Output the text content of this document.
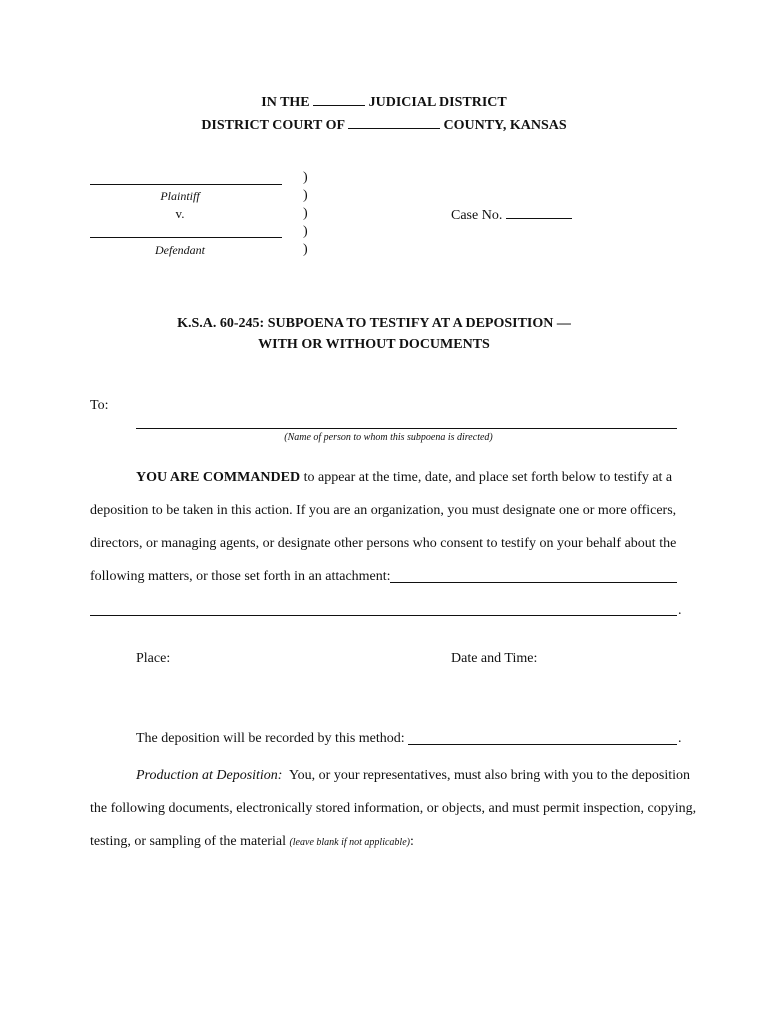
IN THE	JUDICIAL DISTRICT
DISTRICT COURT OF	COUNTY, KANSAS
Plaintiff
v.
Defendant
)
)
)
)
)
Case No.
K.S.A. 60-245: SUBPOENA TO TESTIFY AT A DEPOSITION —
WITH OR WITHOUT DOCUMENTS
To:
(Name of person to whom this subpoena is directed)
YOU ARE COMMANDED to appear at the time, date, and place set forth below to testify at a
deposition to be taken in this action. If you are an organization, you must designate one or more officers,
directors, or managing agents, or designate other persons who consent to testify on your behalf about the
following matters, or those set forth in an attachment:
.
Place:	Date and Time:
The deposition will be recorded by this method:	.
Production at Deposition:  You, or your representatives, must also bring with you to the deposition
the following documents, electronically stored information, or objects, and must permit inspection, copying,
testing, or sampling of the material (leave blank if not applicable):
